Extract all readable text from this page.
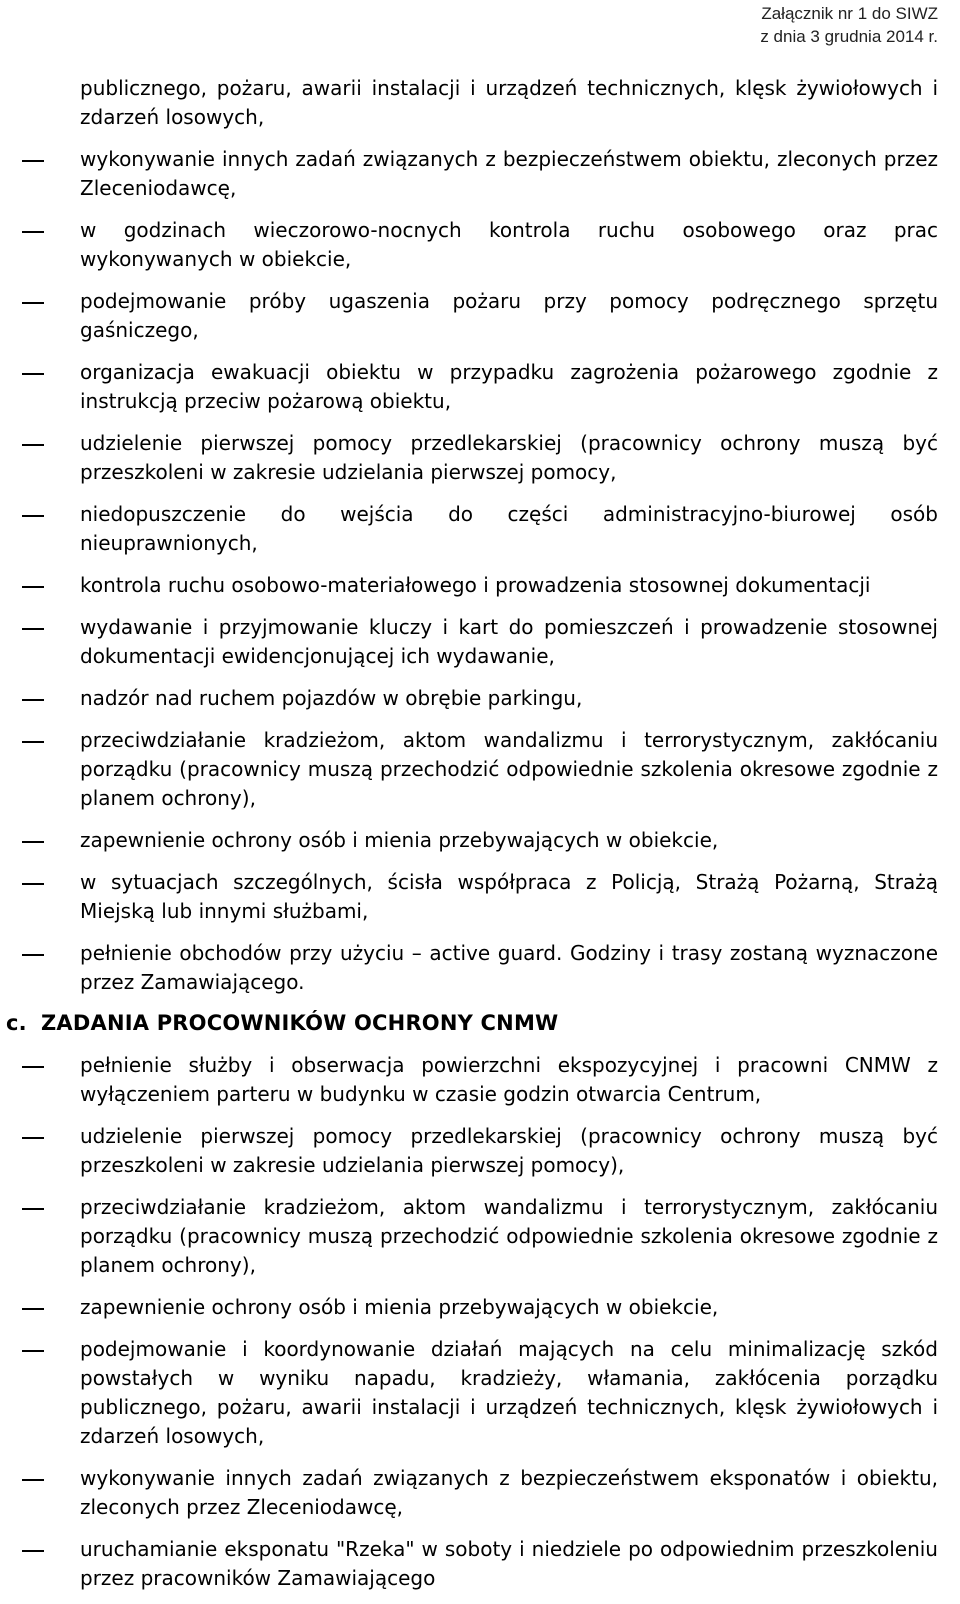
Załącznik nr 1 do SIWZ
z dnia 3 grudnia 2014 r.

publicznego, pożaru, awarii instalacji i urządzeń technicznych, klęsk żywiołowych i zdarzeń losowych,

wykonywanie innych zadań związanych z bezpieczeństwem obiektu, zleconych przez Zleceniodawcę,
w godzinach wieczorowo-nocnych kontrola ruchu osobowego oraz prac wykonywanych w obiekcie,
podejmowanie próby ugaszenia pożaru przy pomocy podręcznego sprzętu gaśniczego,
organizacja ewakuacji obiektu w przypadku zagrożenia pożarowego zgodnie z instrukcją przeciw pożarową obiektu,
udzielenie pierwszej pomocy przedlekarskiej (pracownicy ochrony muszą być przeszkoleni w zakresie udzielania pierwszej pomocy,
niedopuszczenie do wejścia do części administracyjno-biurowej osób nieuprawnionych,
kontrola ruchu osobowo-materiałowego i prowadzenia stosownej dokumentacji
wydawanie i przyjmowanie kluczy i kart do pomieszczeń i prowadzenie stosownej dokumentacji ewidencjonującej ich wydawanie,
nadzór nad ruchem pojazdów w obrębie parkingu,
przeciwdziałanie kradzieżom, aktom wandalizmu i terrorystycznym, zakłócaniu porządku (pracownicy muszą przechodzić odpowiednie szkolenia okresowe zgodnie z planem ochrony),
zapewnienie ochrony osób i mienia przebywających w obiekcie,
w sytuacjach szczególnych, ścisła współpraca z Policją, Strażą Pożarną, Strażą Miejską lub innymi służbami,
pełnienie obchodów przy użyciu – active guard. Godziny i trasy zostaną wyznaczone przez Zamawiającego.
c. ZADANIA PROCOWNIKÓW OCHRONY CNMW
pełnienie służby i obserwacja powierzchni ekspozycyjnej i pracowni CNMW z wyłączeniem parteru w budynku w czasie godzin otwarcia Centrum,
udzielenie pierwszej pomocy przedlekarskiej (pracownicy ochrony muszą być przeszkoleni w zakresie udzielania pierwszej pomocy),
przeciwdziałanie kradzieżom, aktom wandalizmu i terrorystycznym, zakłócaniu porządku (pracownicy muszą przechodzić odpowiednie szkolenia okresowe zgodnie z planem ochrony),
zapewnienie ochrony osób i mienia przebywających w obiekcie,
podejmowanie i koordynowanie działań mających na celu minimalizację szkód powstałych w wyniku napadu, kradzieży, włamania, zakłócenia porządku publicznego, pożaru, awarii instalacji i urządzeń technicznych, klęsk żywiołowych i zdarzeń losowych,
wykonywanie innych zadań związanych z bezpieczeństwem eksponatów i obiektu, zleconych przez Zleceniodawcę,
uruchamianie eksponatu "Rzeka" w soboty i niedziele po odpowiednim przeszkoleniu przez pracowników Zamawiającego
